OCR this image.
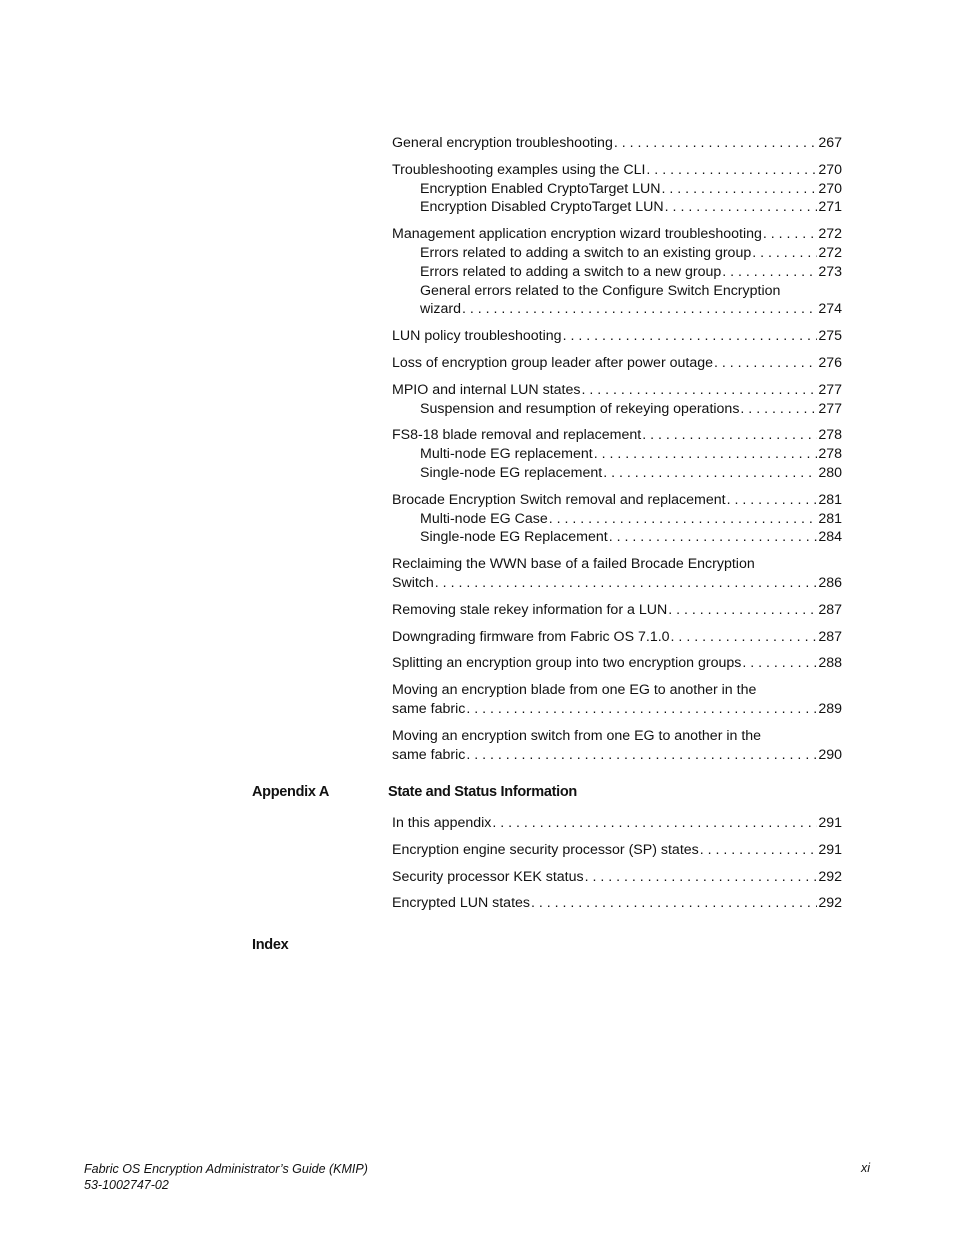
General encryption troubleshooting . . .	267
Troubleshooting examples using the CLI . . .	270
Encryption Enabled CryptoTarget LUN . . .	270
Encryption Disabled CryptoTarget LUN . . .	271
Management application encryption wizard troubleshooting . . .	272
Errors related to adding a switch to an existing group . . .	272
Errors related to adding a switch to a new group . . .	273
General errors related to the Configure Switch Encryption
wizard . . .	274
LUN policy troubleshooting . . .	275
Loss of encryption group leader after power outage . . .	276
MPIO and internal LUN states . . .	277
Suspension and resumption of rekeying operations . . .	277
FS8-18 blade removal and replacement . . .	278
Multi-node EG replacement . . .	278
Single-node EG replacement . . .	280
Brocade Encryption Switch removal and replacement . . .	281
Multi-node EG Case . . .	281
Single-node EG Replacement . . .	284
Reclaiming the WWN base of a failed Brocade Encryption
Switch . . .	286
Removing stale rekey information for a LUN . . .	287
Downgrading firmware from Fabric OS 7.1.0 . . .	287
Splitting an encryption group into two encryption groups . . .	288
Moving an encryption blade from one EG to another in the
same fabric . . .	289
Moving an encryption switch from one EG to another in the
same fabric . . .	290
Appendix A	State and Status Information
In this appendix . . .	291
Encryption engine security processor (SP) states . . .	291
Security processor KEK status . . .	292
Encrypted LUN states . . .	292
Index
Fabric OS Encryption Administrator’s Guide (KMIP)
53-1002747-02
xi
